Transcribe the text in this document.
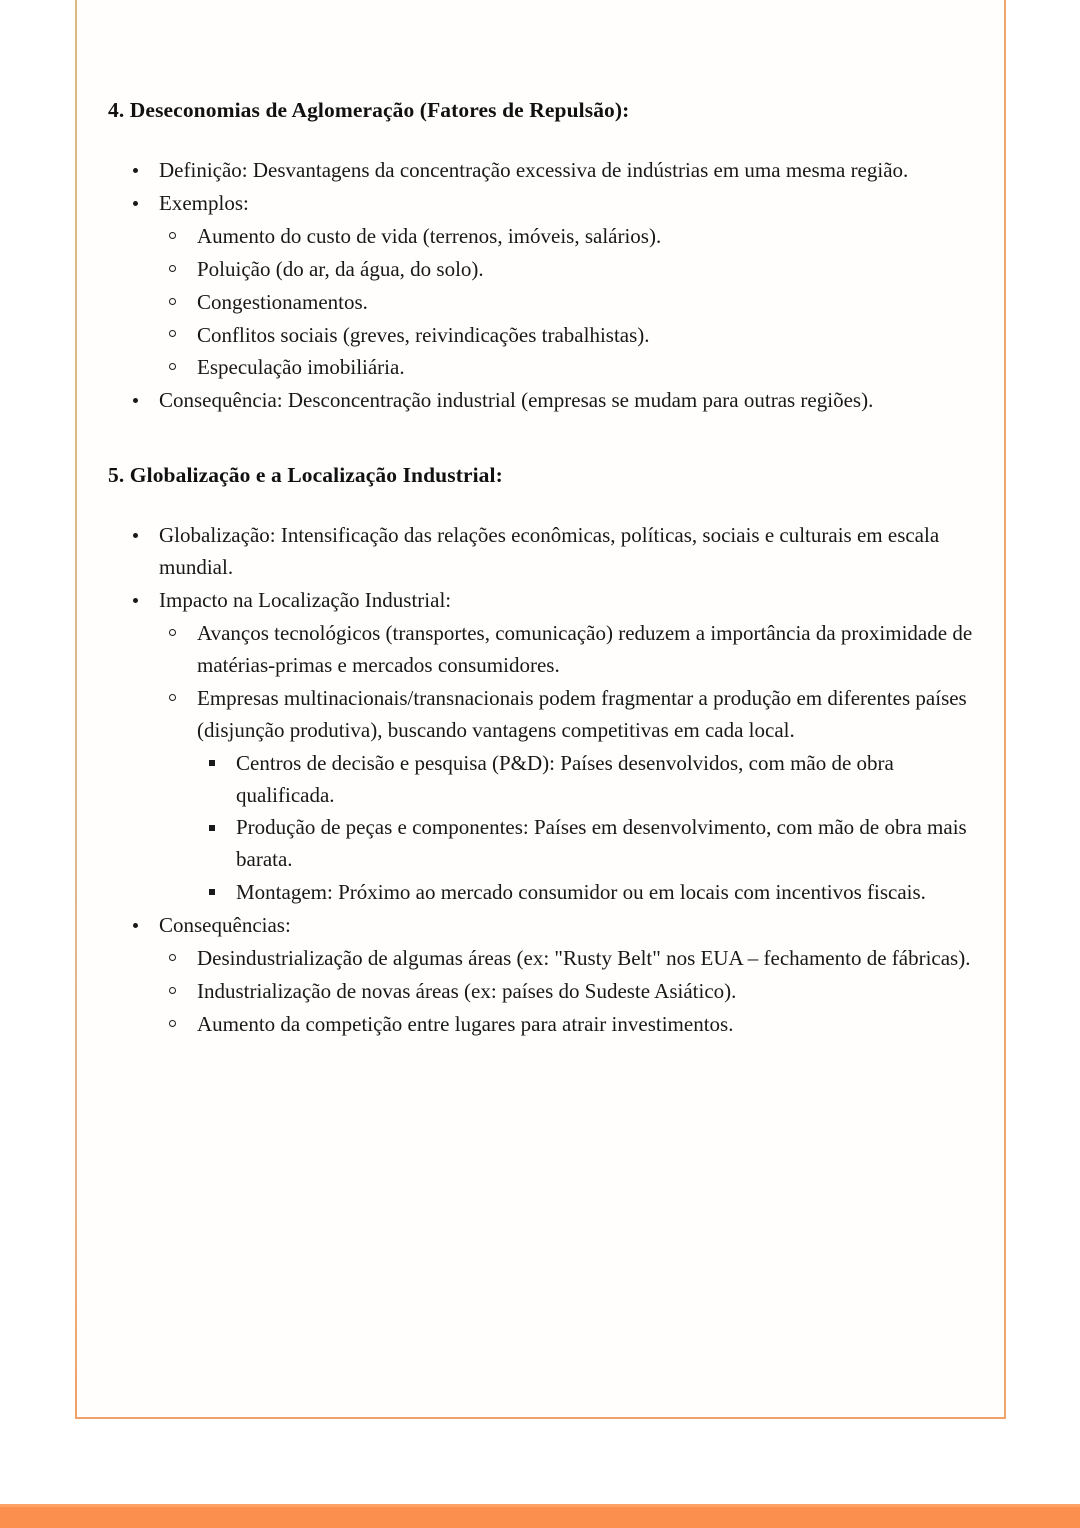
4. Deseconomias de Aglomeração (Fatores de Repulsão):
Definição: Desvantagens da concentração excessiva de indústrias em uma mesma região.
Exemplos:
Aumento do custo de vida (terrenos, imóveis, salários).
Poluição (do ar, da água, do solo).
Congestionamentos.
Conflitos sociais (greves, reivindicações trabalhistas).
Especulação imobiliária.
Consequência: Desconcentração industrial (empresas se mudam para outras regiões).
5. Globalização e a Localização Industrial:
Globalização: Intensificação das relações econômicas, políticas, sociais e culturais em escala mundial.
Impacto na Localização Industrial:
Avanços tecnológicos (transportes, comunicação) reduzem a importância da proximidade de matérias-primas e mercados consumidores.
Empresas multinacionais/transnacionais podem fragmentar a produção em diferentes países (disjunção produtiva), buscando vantagens competitivas em cada local.
Centros de decisão e pesquisa (P&D): Países desenvolvidos, com mão de obra qualificada.
Produção de peças e componentes: Países em desenvolvimento, com mão de obra mais barata.
Montagem: Próximo ao mercado consumidor ou em locais com incentivos fiscais.
Consequências:
Desindustrialização de algumas áreas (ex: "Rusty Belt" nos EUA – fechamento de fábricas).
Industrialização de novas áreas (ex: países do Sudeste Asiático).
Aumento da competição entre lugares para atrair investimentos.
